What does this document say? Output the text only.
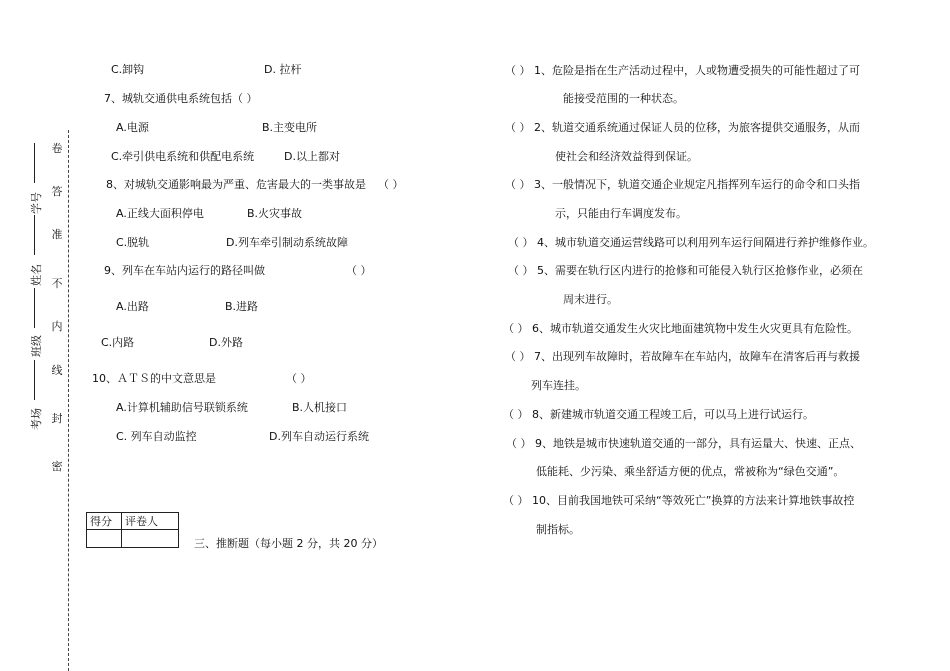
学号
姓名
班级
考场
卷
答
准
不
内
线
封
密
C.卸钩	D. 拉杆
7、城轨交通供电系统包括（ ）
A.电源	B.主变电所
C.牵引供电系统和供配电系统	D.以上都对
8、对城轨交通影响最为严重、危害最大的一类事故是 （ ）
A.正线大面积停电	B.火灾事故
C.脱轨	D.列车牵引制动系统故障
9、列车在车站内运行的路径叫做	（ ）
A.出路	B.进路
C.内路	D.外路
10、ＡＴＳ的中文意思是	（ ）
A.计算机辅助信号联锁系统	B.人机接口
C. 列车自动监控	D.列车自动运行系统
得分	评卷人

三、推断题（每小题 2 分，共 20 分）
（ ） 1、危险是指在生产活动过程中，人或物遭受损失的可能性超过了可
能接受范围的一种状态。
（ ） 2、轨道交通系统通过保证人员的位移，为旅客提供交通服务，从而
使社会和经济效益得到保证。
（ ） 3、一般情况下，轨道交通企业规定凡指挥列车运行的命令和口头指
示，只能由行车调度发布。
（ ） 4、城市轨道交通运营线路可以利用列车运行间隔进行养护维修作业。
（ ） 5、需要在轨行区内进行的抢修和可能侵入轨行区抢修作业，必须在
周末进行。
（ ） 6、城市轨道交通发生火灾比地面建筑物中发生火灾更具有危险性。
（ ） 7、出现列车故障时，若故障车在车站内，故障车在清客后再与救援
列车连挂。
（ ） 8、新建城市轨道交通工程竣工后，可以马上进行试运行。
（ ） 9、地铁是城市快速轨道交通的一部分，具有运量大、快速、正点、
低能耗、少污染、乘坐舒适方便的优点，常被称为“绿色交通”。
（ ） 10、目前我国地铁可采纳“等效死亡”换算的方法来计算地铁事故控
制指标。
